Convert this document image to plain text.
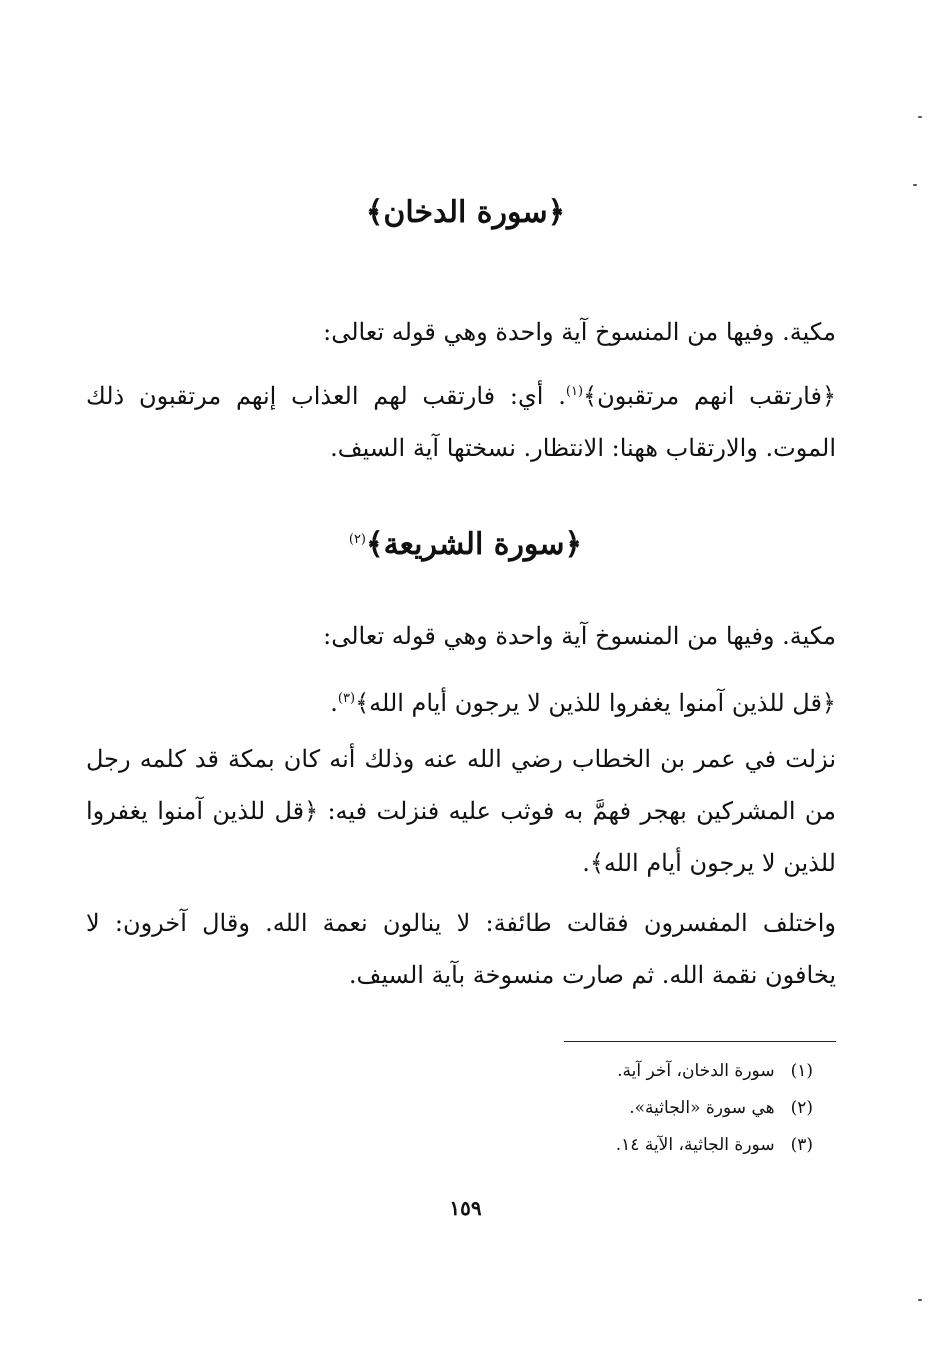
﴿سورة الدخان﴾
مكية. وفيها من المنسوخ آية واحدة وهي قوله تعالى:
﴿فارتقب انهم مرتقبون﴾$^{(١)}$. أي: فارتقب لهم العذاب إنهم مرتقبون ذلك الموت. والارتقاب ههنا: الانتظار. نسختها آية السيف.
﴿سورة الشريعة﴾$^{(٢)}$
مكية. وفيها من المنسوخ آية واحدة وهي قوله تعالى:
﴿قل للذين آمنوا يغفروا للذين لا يرجون أيام الله﴾$^{(٣)}$.
نزلت في عمر بن الخطاب رضي الله عنه وذلك أنه كان بمكة قد كلمه رجل من المشركين بهجر فهمَّ به فوثب عليه فنزلت فيه: ﴿قل للذين آمنوا يغفروا للذين لا يرجون أيام الله﴾.
واختلف المفسرون فقالت طائفة: لا ينالون نعمة الله. وقال آخرون: لا يخافون نقمة الله. ثم صارت منسوخة بآية السيف.
(١)سورة الدخان، آخر آية.
(٢)هي سورة «الجاثية».
(٣)سورة الجاثية، الآية ١٤.
١٥٩
